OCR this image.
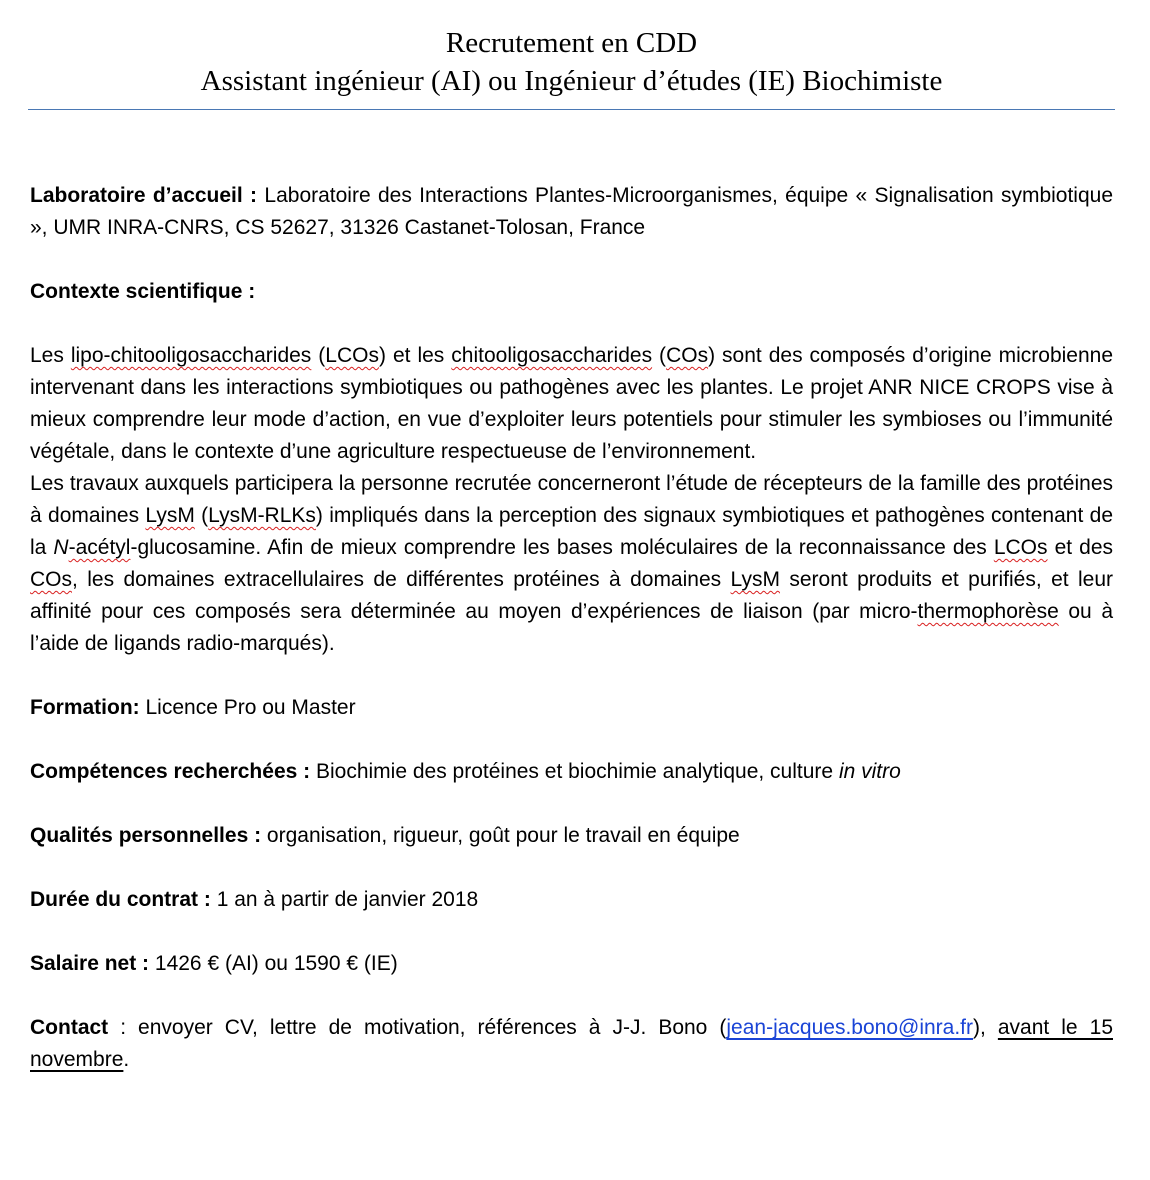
Recrutement en CDD
Assistant ingénieur (AI) ou Ingénieur d’études (IE) Biochimiste

Laboratoire d’accueil : Laboratoire des Interactions Plantes-Microorganismes, équipe « Signalisation symbiotique », UMR INRA-CNRS, CS 52627, 31326 Castanet-Tolosan, France

Contexte scientifique :

Les lipo-chitooligosaccharides (LCOs) et les chitooligosaccharides (COs) sont des composés d’origine microbienne intervenant dans les interactions symbiotiques ou pathogènes avec les plantes. Le projet ANR NICE CROPS vise à mieux comprendre leur mode d’action, en vue d’exploiter leurs potentiels pour stimuler les symbioses ou l’immunité végétale, dans le contexte d’une agriculture respectueuse de l’environnement.

Les travaux auxquels participera la personne recrutée concerneront l’étude de récepteurs de la famille des protéines à domaines LysM (LysM-RLKs) impliqués dans la perception des signaux symbiotiques et pathogènes contenant de la N-acétyl-glucosamine. Afin de mieux comprendre les bases moléculaires de la reconnaissance des LCOs et des COs, les domaines extracellulaires de différentes protéines à domaines LysM seront produits et purifiés, et leur affinité pour ces composés sera déterminée au moyen d’expériences de liaison (par micro-thermophorèse ou à l’aide de ligands radio-marqués).

Formation: Licence Pro ou Master

Compétences recherchées : Biochimie des protéines et biochimie analytique, culture in vitro

Qualités personnelles : organisation, rigueur, goût pour le travail en équipe

Durée du contrat : 1 an à partir de janvier 2018

Salaire net : 1426 € (AI) ou 1590 € (IE)

Contact : envoyer CV, lettre de motivation, références à J-J. Bono (jean-jacques.bono@inra.fr), avant le 15 novembre.
